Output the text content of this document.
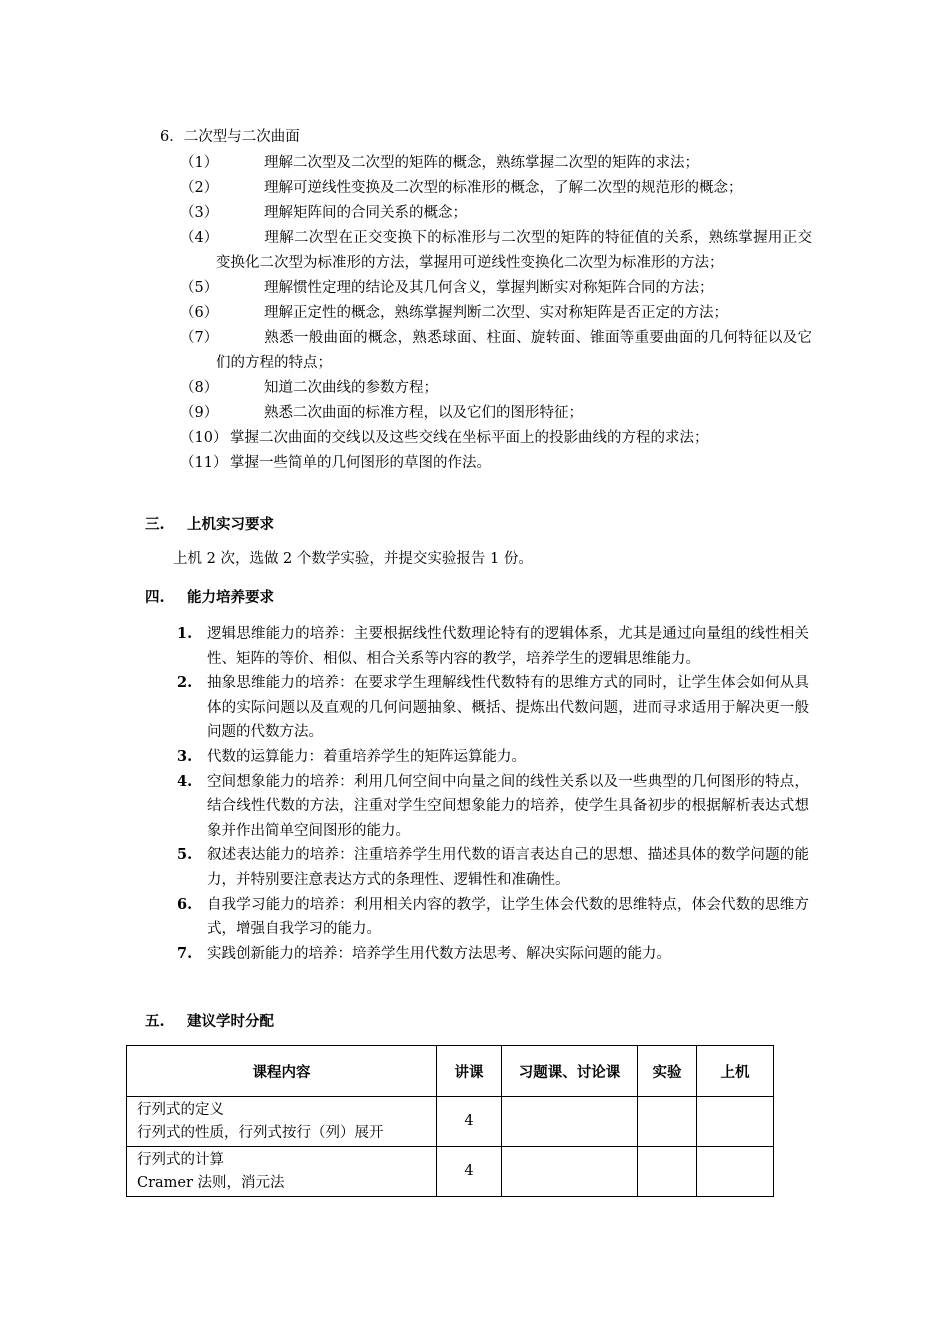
6．二次型与二次曲面
（1）	理解二次型及二次型的矩阵的概念，熟练掌握二次型的矩阵的求法；
（2）	理解可逆线性变换及二次型的标准形的概念，了解二次型的规范形的概念；
（3）	理解矩阵间的合同关系的概念；
（4）	理解二次型在正交变换下的标准形与二次型的矩阵的特征值的关系，熟练掌握用正交变换化二次型为标准形的方法，掌握用可逆线性变换化二次型为标准形的方法；
（5）	理解惯性定理的结论及其几何含义，掌握判断实对称矩阵合同的方法；
（6）	理解正定性的概念，熟练掌握判断二次型、实对称矩阵是否正定的方法；
（7）	熟悉一般曲面的概念，熟悉球面、柱面、旋转面、锥面等重要曲面的几何特征以及它们的方程的特点；
（8）	知道二次曲线的参数方程；
（9）	熟悉二次曲面的标准方程，以及它们的图形特征；
（10） 掌握二次曲面的交线以及这些交线在坐标平面上的投影曲线的方程的求法；
（11） 掌握一些简单的几何图形的草图的作法。
三. 上机实习要求
上机 2 次，选做 2 个数学实验，并提交实验报告 1 份。
四. 能力培养要求
1.	逻辑思维能力的培养：主要根据线性代数理论特有的逻辑体系，尤其是通过向量组的线性相关性、矩阵的等价、相似、相合关系等内容的教学，培养学生的逻辑思维能力。
2.	抽象思维能力的培养：在要求学生理解线性代数特有的思维方式的同时，让学生体会如何从具体的实际问题以及直观的几何问题抽象、概括、提炼出代数问题，进而寻求适用于解决更一般问题的代数方法。
3.	代数的运算能力：着重培养学生的矩阵运算能力。
4.	空间想象能力的培养：利用几何空间中向量之间的线性关系以及一些典型的几何图形的特点，结合线性代数的方法，注重对学生空间想象能力的培养，使学生具备初步的根据解析表达式想象并作出简单空间图形的能力。
5.	叙述表达能力的培养：注重培养学生用代数的语言表达自己的思想、描述具体的数学问题的能力，并特别要注意表达方式的条理性、逻辑性和准确性。
6.	自我学习能力的培养：利用相关内容的教学，让学生体会代数的思维特点，体会代数的思维方式，增强自我学习的能力。
7.	实践创新能力的培养：培养学生用代数方法思考、解决实际问题的能力。
五. 建议学时分配
课程内容	讲课	习题课、讨论课	实验	上机

行列式的定义
行列式的性质，行列式按行（列）展开	4			

行列式的计算
Cramer 法则，消元法	4			
